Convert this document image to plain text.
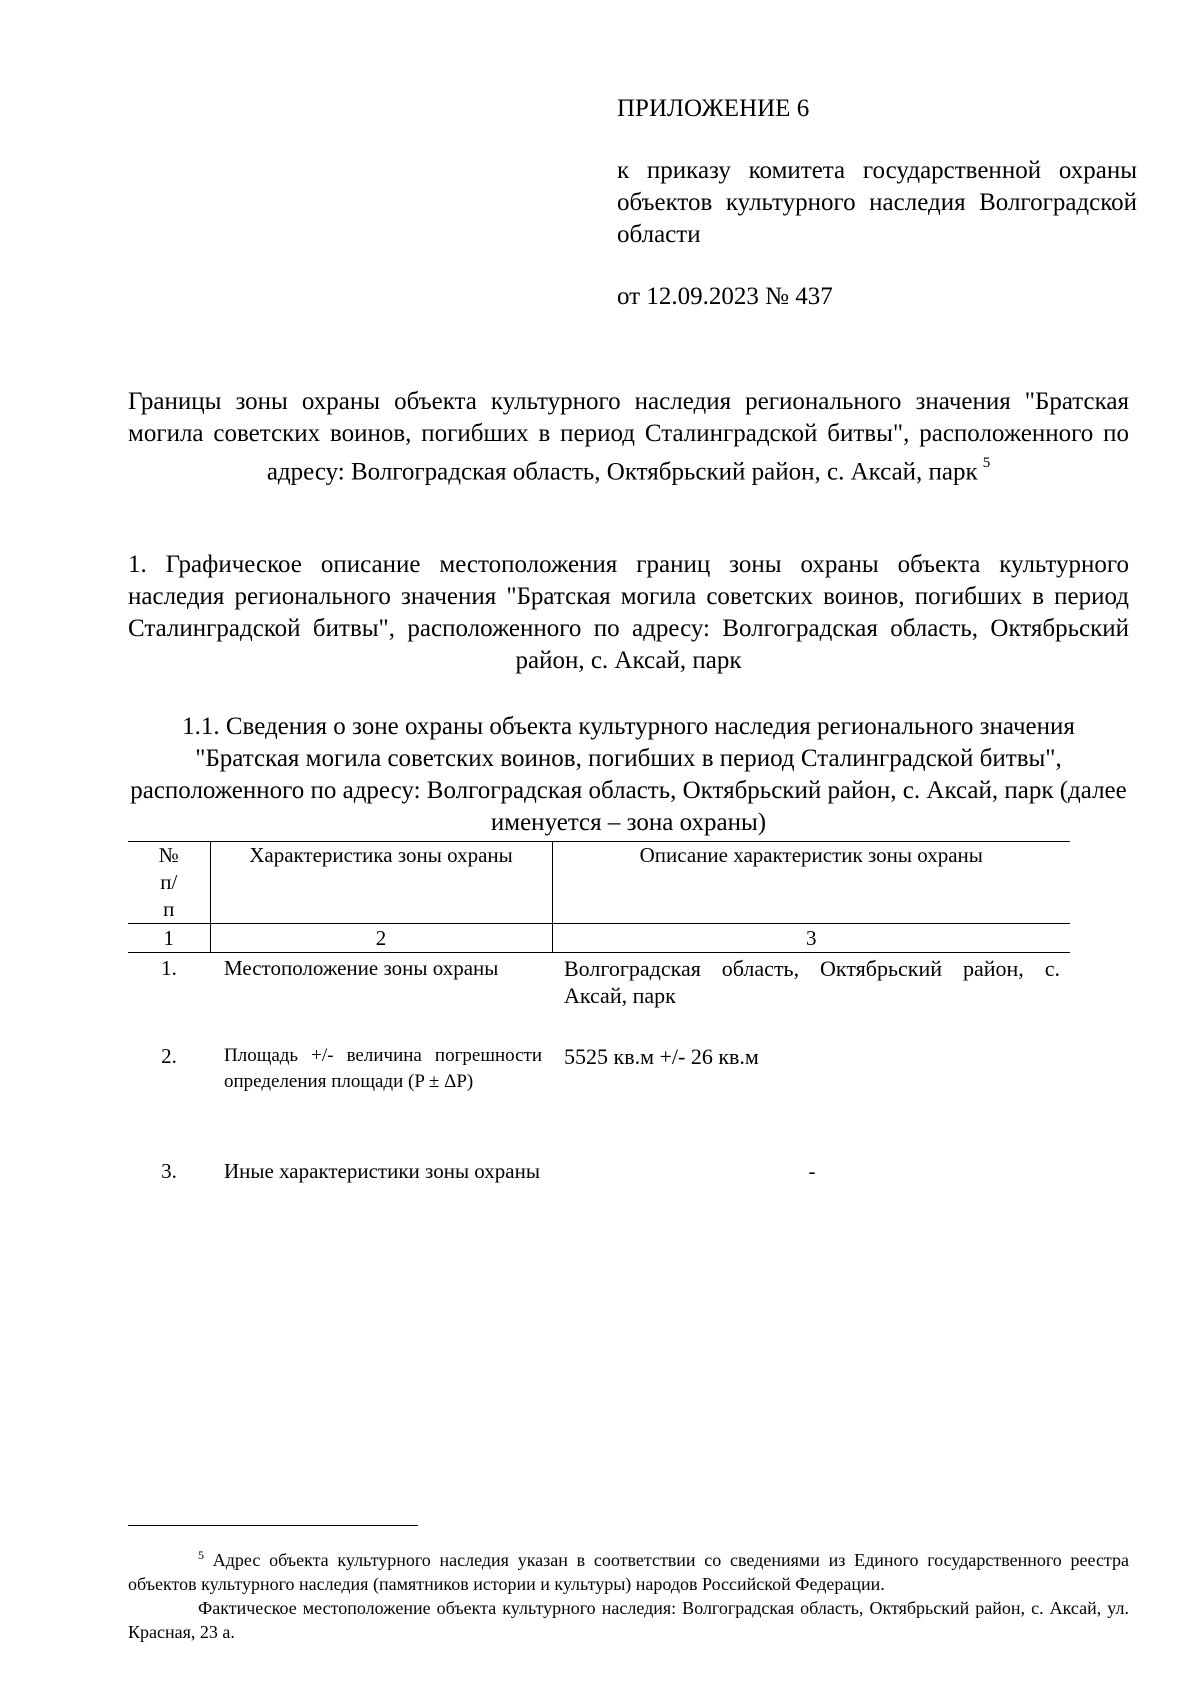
ПРИЛОЖЕНИЕ 6

к приказу комитета государственной охраны объектов культурного наследия Волгоградской области

от 12.09.2023 № 437

Границы зоны охраны объекта культурного наследия регионального значения "Братская могила советских воинов, погибших в период Сталинградской битвы", расположенного по адресу: Волгоградская область, Октябрьский район, с. Аксай, парк  $^5$

1. Графическое описание местоположения границ зоны охраны объекта культурного наследия регионального значения "Братская могила советских воинов, погибших в период Сталинградской битвы", расположенного по адресу: Волгоградская область, Октябрьский район, с. Аксай, парк

1.1. Сведения о зоне охраны объекта культурного наследия регионального значения "Братская могила советских воинов, погибших в период Сталинградской битвы", расположенного по адресу: Волгоградская область, Октябрьский район, с. Аксай, парк (далее именуется – зона охраны)

№ п/п	Характеристика зоны охраны	Описание характеристик зоны охраны
1	2	3
1.	Местоположение зоны охраны	Волгоградская область, Октябрьский район, с. Аксай, парк
2.	Площадь +/- величина погрешности определения площади (P ± ΔP)	5525 кв.м +/- 26 кв.м
3.	Иные характеристики зоны охраны	-

$^5$ Адрес объекта культурного наследия указан в соответствии со сведениями из Единого государственного реестра объектов культурного наследия (памятников истории и культуры) народов Российской Федерации.

Фактическое местоположение объекта культурного наследия: Волгоградская область, Октябрьский район, с. Аксай, ул. Красная, 23 а.
